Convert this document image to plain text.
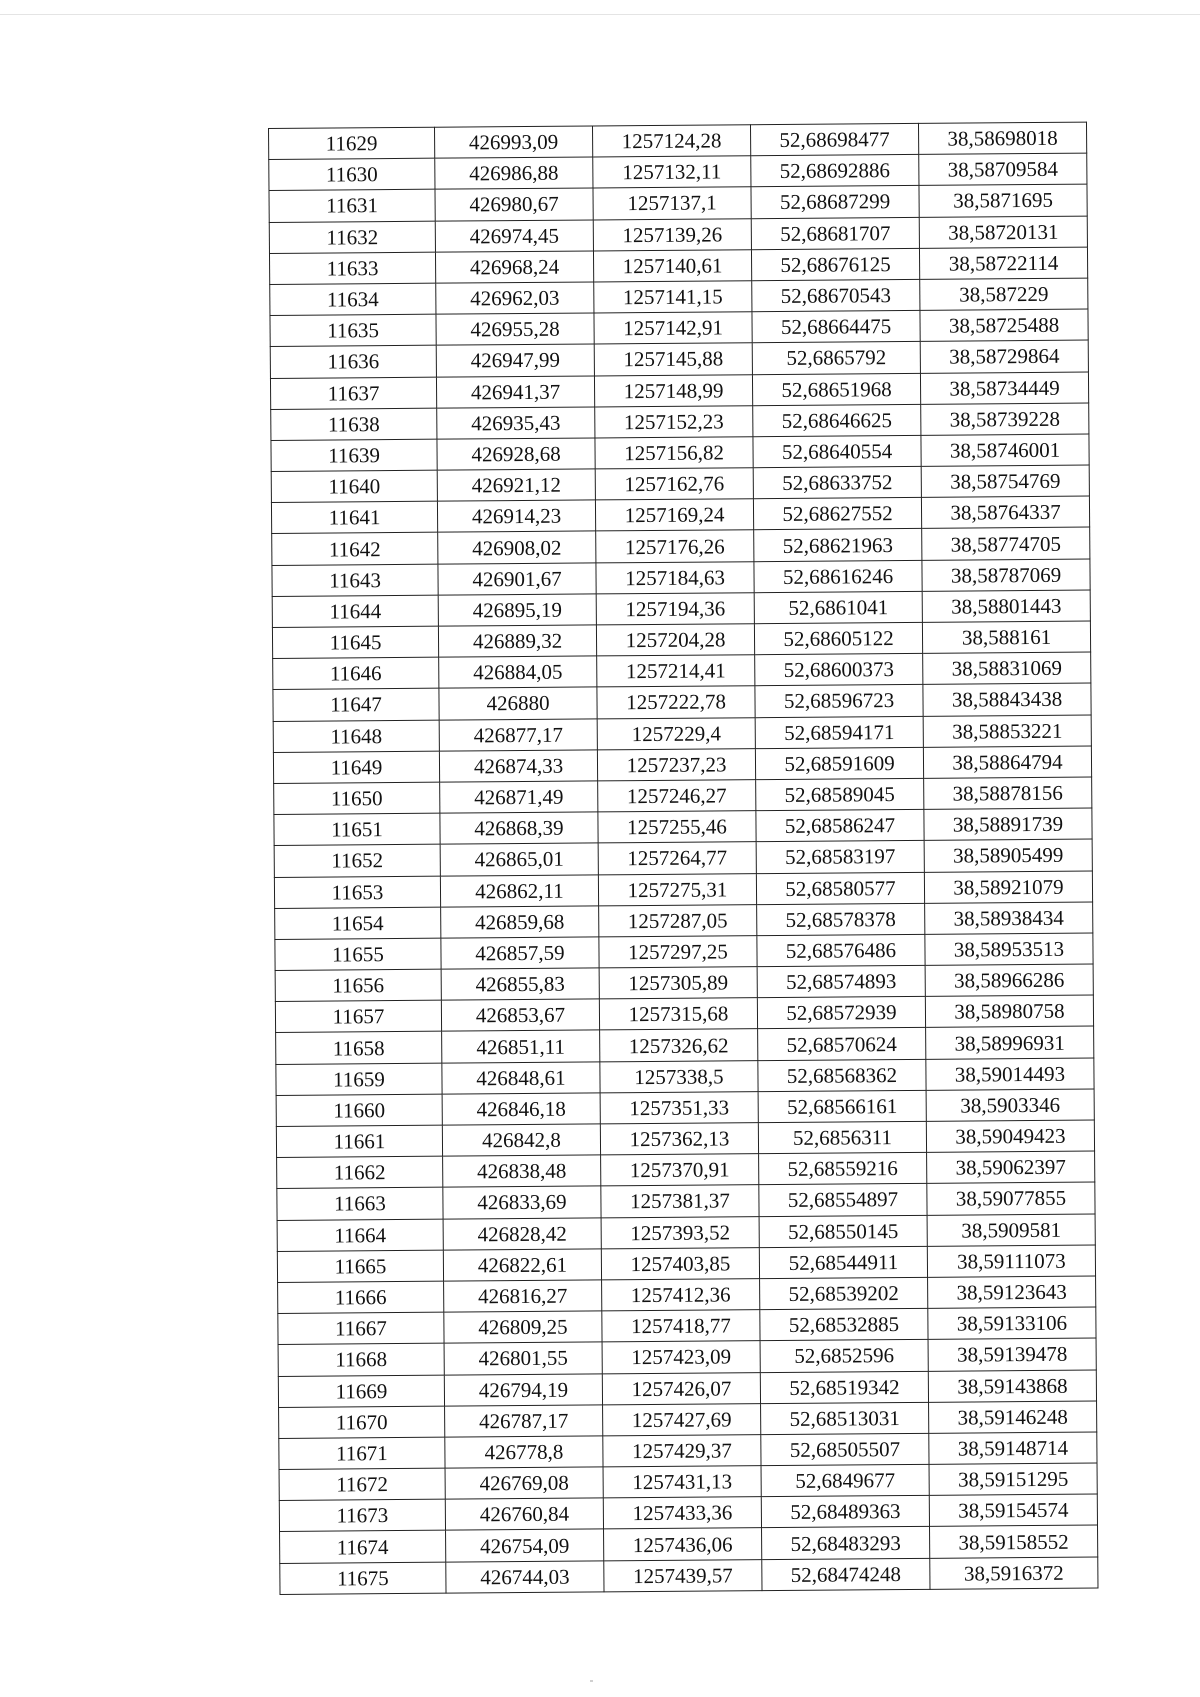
11629	426993,09	1257124,28	52,68698477	38,58698018
11630	426986,88	1257132,11	52,68692886	38,58709584
11631	426980,67	1257137,1	52,68687299	38,5871695
11632	426974,45	1257139,26	52,68681707	38,58720131
11633	426968,24	1257140,61	52,68676125	38,58722114
11634	426962,03	1257141,15	52,68670543	38,587229
11635	426955,28	1257142,91	52,68664475	38,58725488
11636	426947,99	1257145,88	52,6865792	38,58729864
11637	426941,37	1257148,99	52,68651968	38,58734449
11638	426935,43	1257152,23	52,68646625	38,58739228
11639	426928,68	1257156,82	52,68640554	38,58746001
11640	426921,12	1257162,76	52,68633752	38,58754769
11641	426914,23	1257169,24	52,68627552	38,58764337
11642	426908,02	1257176,26	52,68621963	38,58774705
11643	426901,67	1257184,63	52,68616246	38,58787069
11644	426895,19	1257194,36	52,6861041	38,58801443
11645	426889,32	1257204,28	52,68605122	38,588161
11646	426884,05	1257214,41	52,68600373	38,58831069
11647	426880	1257222,78	52,68596723	38,58843438
11648	426877,17	1257229,4	52,68594171	38,58853221
11649	426874,33	1257237,23	52,68591609	38,58864794
11650	426871,49	1257246,27	52,68589045	38,58878156
11651	426868,39	1257255,46	52,68586247	38,58891739
11652	426865,01	1257264,77	52,68583197	38,58905499
11653	426862,11	1257275,31	52,68580577	38,58921079
11654	426859,68	1257287,05	52,68578378	38,58938434
11655	426857,59	1257297,25	52,68576486	38,58953513
11656	426855,83	1257305,89	52,68574893	38,58966286
11657	426853,67	1257315,68	52,68572939	38,58980758
11658	426851,11	1257326,62	52,68570624	38,58996931
11659	426848,61	1257338,5	52,68568362	38,59014493
11660	426846,18	1257351,33	52,68566161	38,5903346
11661	426842,8	1257362,13	52,6856311	38,59049423
11662	426838,48	1257370,91	52,68559216	38,59062397
11663	426833,69	1257381,37	52,68554897	38,59077855
11664	426828,42	1257393,52	52,68550145	38,5909581
11665	426822,61	1257403,85	52,68544911	38,59111073
11666	426816,27	1257412,36	52,68539202	38,59123643
11667	426809,25	1257418,77	52,68532885	38,59133106
11668	426801,55	1257423,09	52,6852596	38,59139478
11669	426794,19	1257426,07	52,68519342	38,59143868
11670	426787,17	1257427,69	52,68513031	38,59146248
11671	426778,8	1257429,37	52,68505507	38,59148714
11672	426769,08	1257431,13	52,6849677	38,59151295
11673	426760,84	1257433,36	52,68489363	38,59154574
11674	426754,09	1257436,06	52,68483293	38,59158552
11675	426744,03	1257439,57	52,68474248	38,5916372
